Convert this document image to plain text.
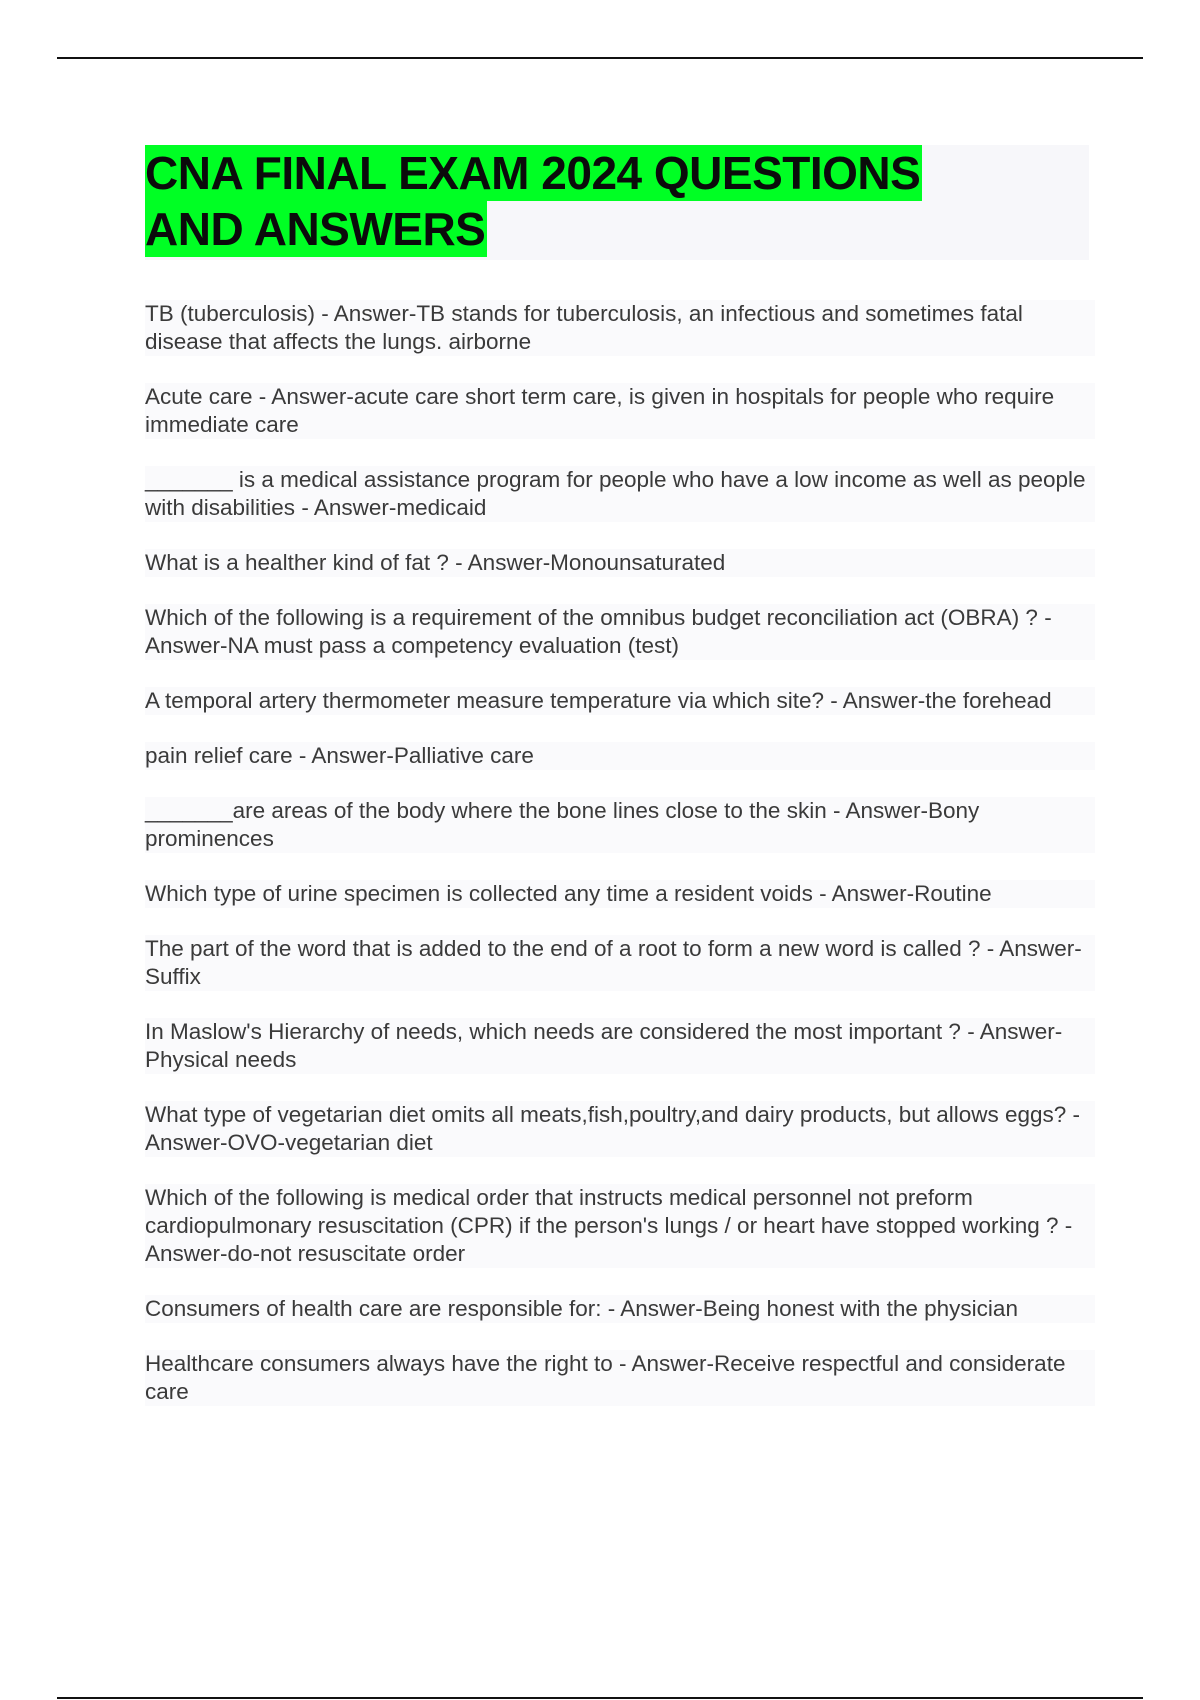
CNA FINAL EXAM 2024 QUESTIONS
AND ANSWERS
TB (tuberculosis) - Answer-TB stands for tuberculosis, an infectious and sometimes fatal disease that affects the lungs. airborne
Acute care - Answer-acute care short term care, is given in hospitals for people who require immediate care
_______ is a medical assistance program for people who have a low income as well as people with disabilities - Answer-medicaid
What is a healther kind of fat ? - Answer-Monounsaturated
Which of the following is a requirement of the omnibus budget reconciliation act (OBRA) ? - Answer-NA must pass a competency evaluation (test)
A temporal artery thermometer measure temperature via which site? - Answer-the forehead
pain relief care - Answer-Palliative care
_______are areas of the body where the bone lines close to the skin - Answer-Bony prominences
Which type of urine specimen is collected any time a resident voids - Answer-Routine
The part of the word that is added to the end of a root to form a new word is called ? - Answer-Suffix
In Maslow's Hierarchy of needs, which needs are considered the most important ? - Answer-Physical needs
What type of vegetarian diet omits all meats,fish,poultry,and dairy products, but allows eggs? - Answer-OVO-vegetarian diet
Which of the following is medical order that instructs medical personnel not preform cardiopulmonary resuscitation (CPR) if the person's lungs / or heart have stopped working ? - Answer-do-not resuscitate order
Consumers of health care are responsible for: - Answer-Being honest with the physician
Healthcare consumers always have the right to - Answer-Receive respectful and considerate care
